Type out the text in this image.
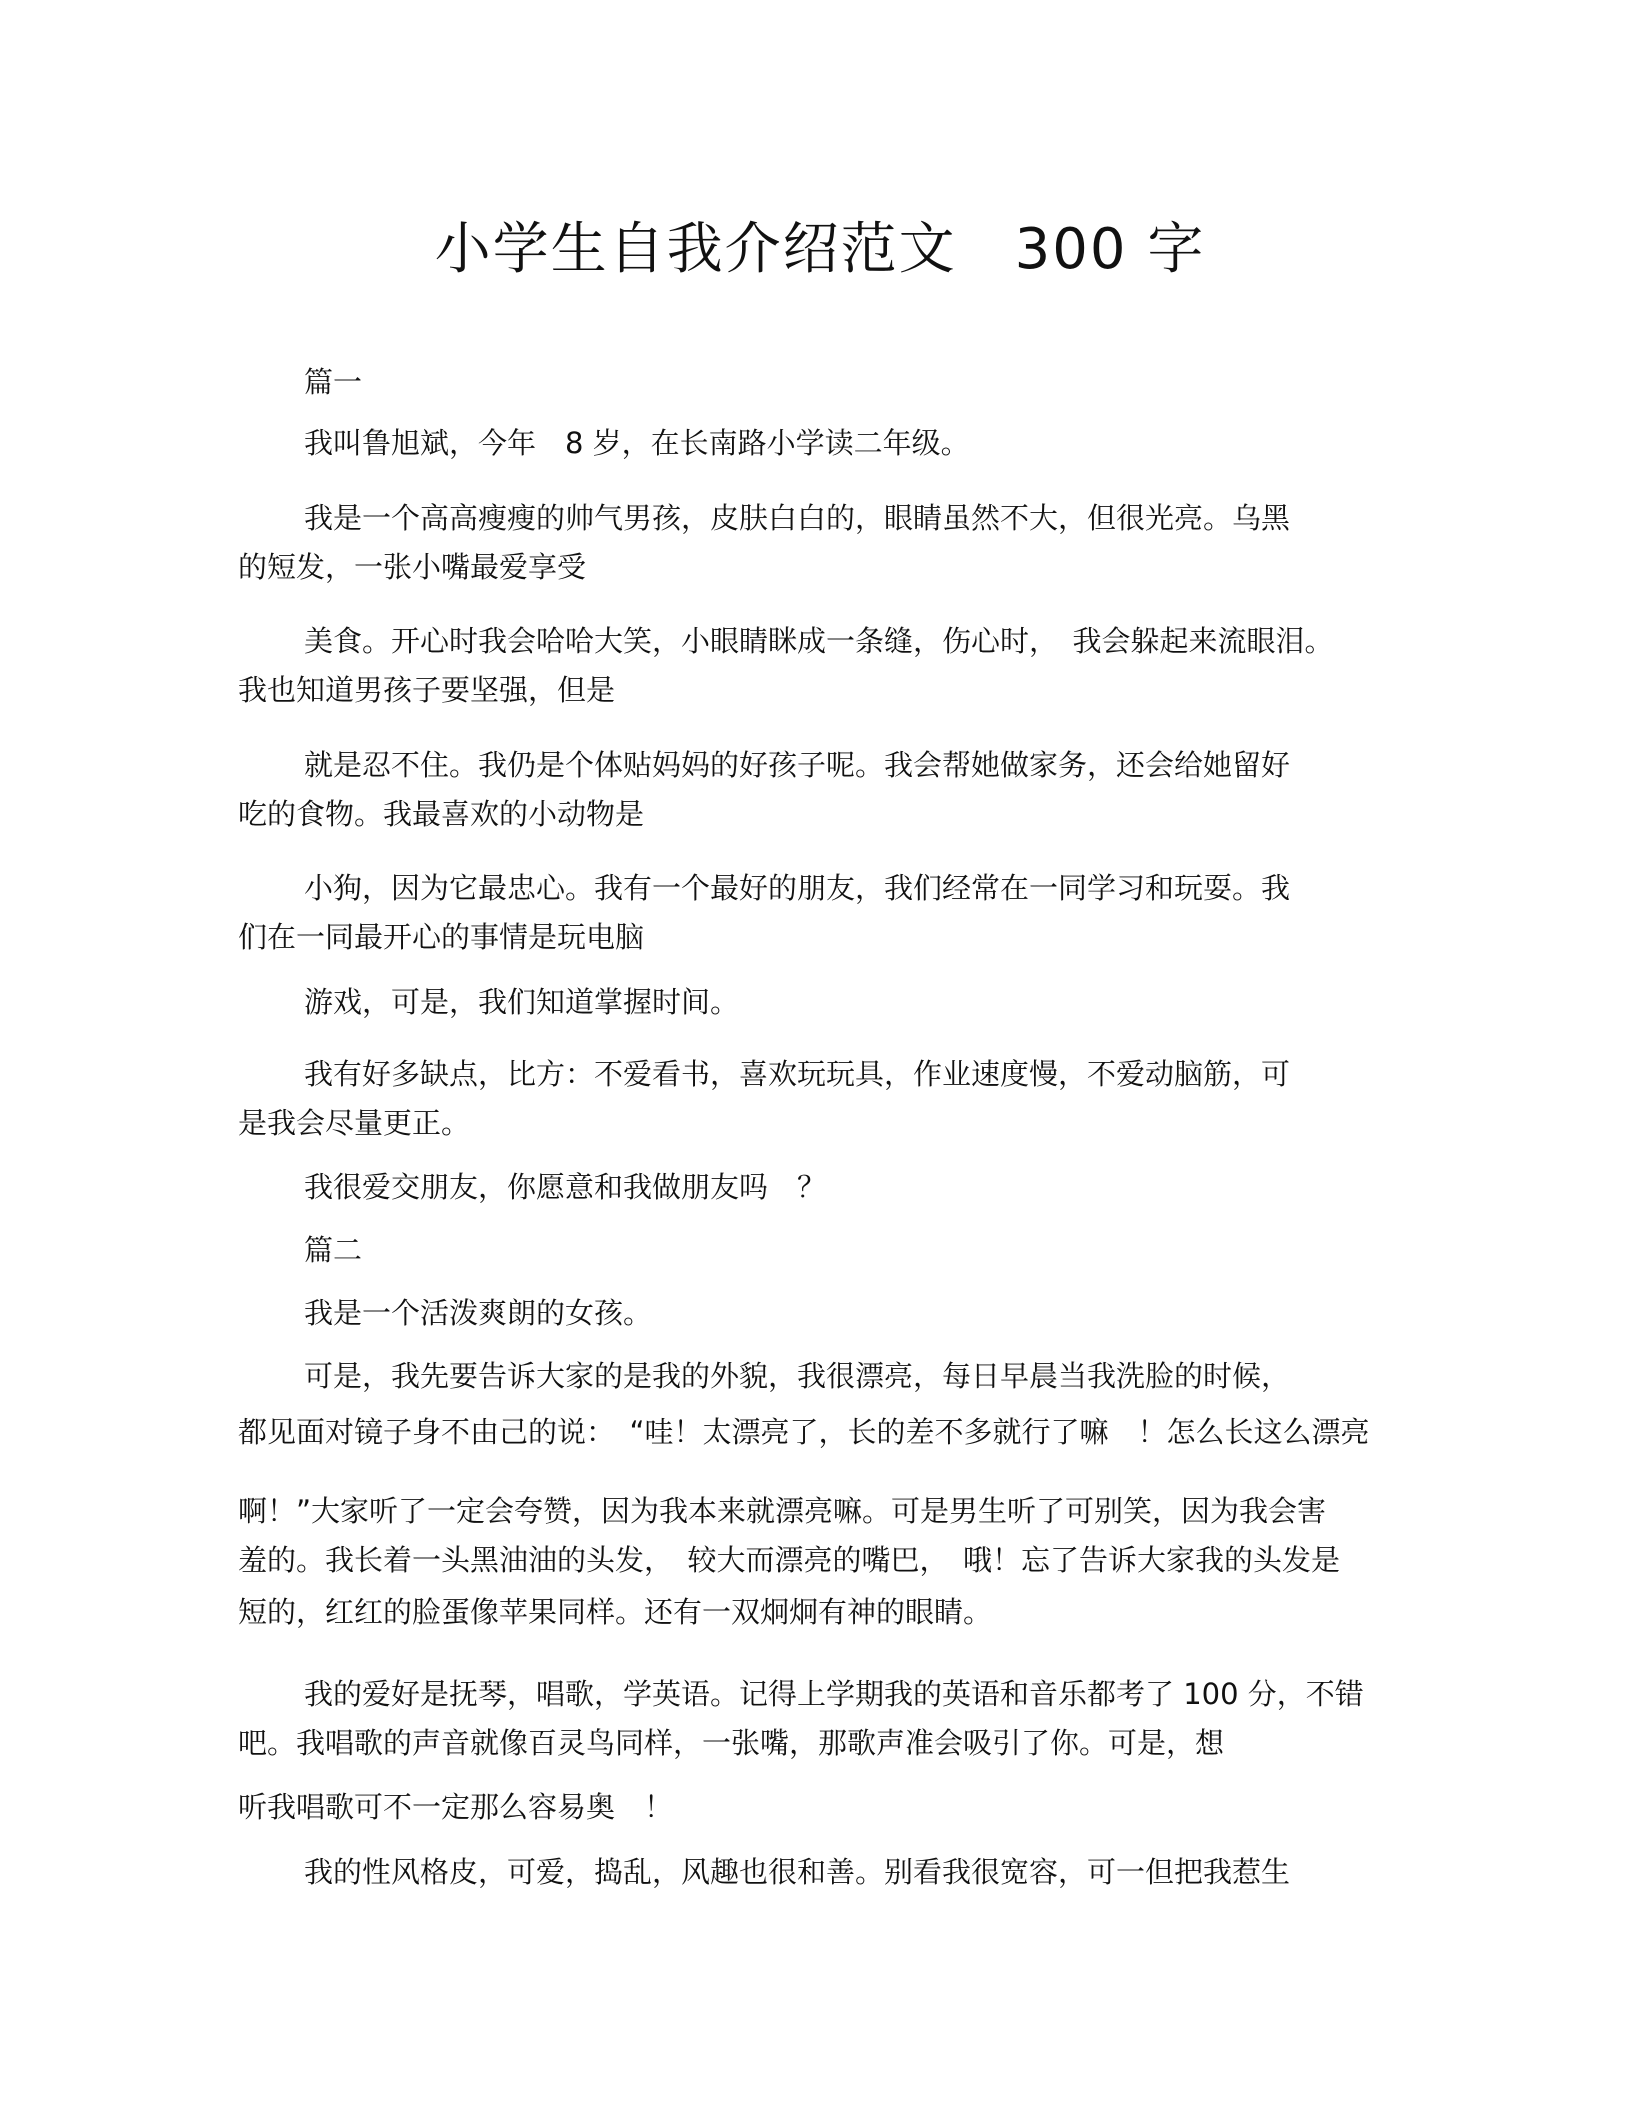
小学生自我介绍范文　300 字

篇一

我叫鲁旭斌，今年　8 岁，在长南路小学读二年级。

我是一个高高瘦瘦的帅气男孩，皮肤白白的，眼睛虽然不大，但很光亮。乌黑

的短发，一张小嘴最爱享受

美食。开心时我会哈哈大笑，小眼睛眯成一条缝，伤心时，　我会躲起来流眼泪。

我也知道男孩子要坚强，但是

就是忍不住。我仍是个体贴妈妈的好孩子呢。我会帮她做家务，还会给她留好

吃的食物。我最喜欢的小动物是

小狗，因为它最忠心。我有一个最好的朋友，我们经常在一同学习和玩耍。我

们在一同最开心的事情是玩电脑

游戏，可是，我们知道掌握时间。

我有好多缺点，比方：不爱看书，喜欢玩玩具，作业速度慢，不爱动脑筋，可

是我会尽量更正。

我很爱交朋友，你愿意和我做朋友吗　？

篇二

我是一个活泼爽朗的女孩。

可是，我先要告诉大家的是我的外貌，我很漂亮，每日早晨当我洗脸的时候，

都见面对镜子身不由己的说：　“哇！太漂亮了，长的差不多就行了嘛　！怎么长这么漂亮

啊！”大家听了一定会夸赞，因为我本来就漂亮嘛。可是男生听了可别笑，因为我会害

羞的。我长着一头黑油油的头发，　较大而漂亮的嘴巴，　哦！忘了告诉大家我的头发是

短的，红红的脸蛋像苹果同样。还有一双炯炯有神的眼睛。

我的爱好是抚琴，唱歌，学英语。记得上学期我的英语和音乐都考了 100 分，不错

吧。我唱歌的声音就像百灵鸟同样，一张嘴，那歌声准会吸引了你。可是，想

听我唱歌可不一定那么容易奥　！

我的性风格皮，可爱，捣乱，风趣也很和善。别看我很宽容，可一但把我惹生
